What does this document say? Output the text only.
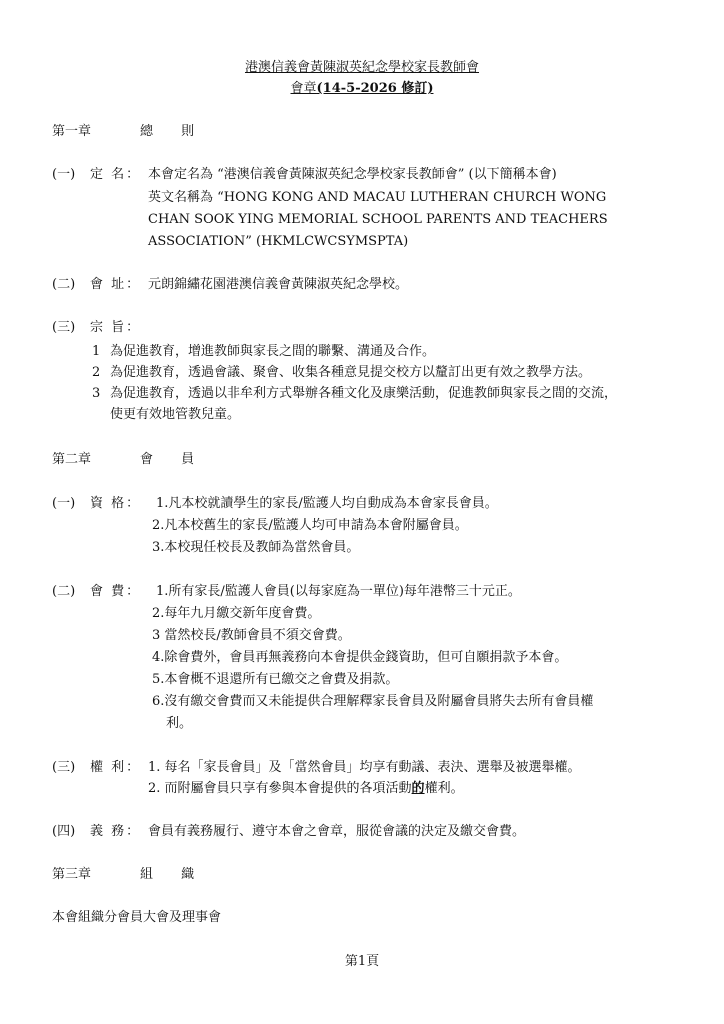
港澳信義會黃陳淑英紀念學校家長教師會
會章(14-5-2026 修訂)
第一章	總 則
(一) 定 名： 本會定名為 “港澳信義會黃陳淑英紀念學校家長教師會” (以下簡稱本會)
英文名稱為 “HONG KONG AND MACAU LUTHERAN CHURCH WONG
CHAN SOOK YING MEMORIAL SCHOOL PARENTS AND TEACHERS
ASSOCIATION” (HKMLCWCSYMSPTA)
(二) 會 址： 元朗錦繡花園港澳信義會黃陳淑英紀念學校。
(三) 宗 旨：
1 為促進教育，增進教師與家長之間的聯繫、溝通及合作。
2 為促進教育，透過會議、聚會、收集各種意見提交校方以釐訂出更有效之教學方法。
3 為促進教育，透過以非牟利方式舉辦各種文化及康樂活動，促進教師與家長之間的交流，
使更有效地管教兒童。
第二章	會 員
(一) 資 格： 1.凡本校就讀學生的家長/監護人均自動成為本會家長會員。
2.凡本校舊生的家長/監護人均可申請為本會附屬會員。
3.本校現任校長及教師為當然會員。
(二) 會 費： 1.所有家長/監護人會員(以每家庭為一單位)每年港幣三十元正。
2.每年九月繳交新年度會費。
3 當然校長/教師會員不須交會費。
4.除會費外，會員再無義務向本會提供金錢資助，但可自願捐款予本會。
5.本會概不退還所有已繳交之會費及捐款。
6.沒有繳交會費而又未能提供合理解釋家長會員及附屬會員將失去所有會員權
利。
(三) 權 利： 1. 每名「家長會員」及「當然會員」均享有動議、表決、選舉及被選舉權。
2. 而附屬會員只享有參與本會提供的各項活動的權利。
(四) 義 務： 會員有義務履行、遵守本會之會章，服從會議的決定及繳交會費。
第三章	組 織
本會組織分會員大會及理事會
第1頁
